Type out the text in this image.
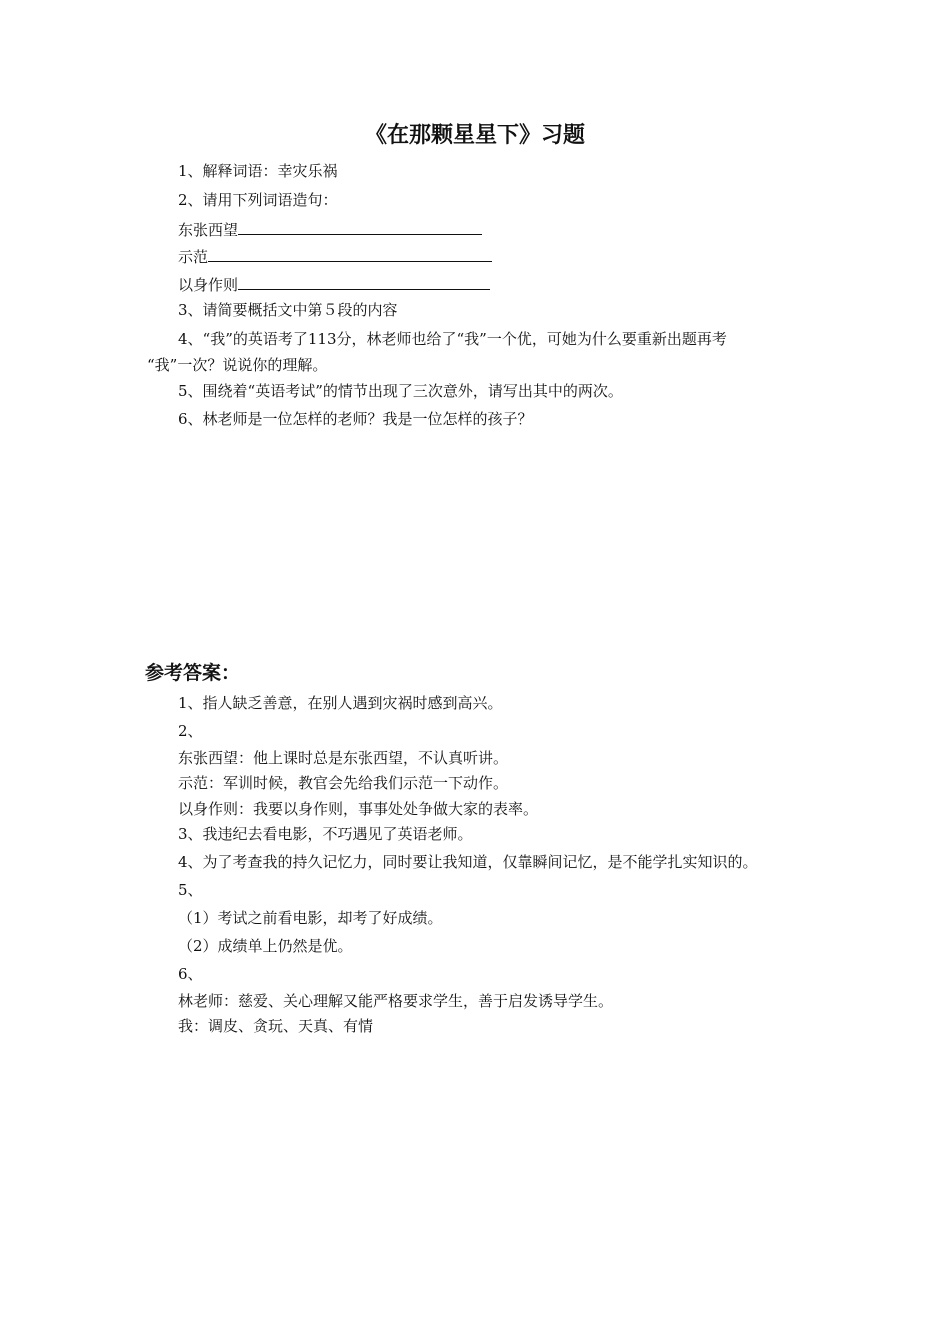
《在那颗星星下》习题
1、解释词语：幸灾乐祸
2、请用下列词语造句：
东张西望
示范
以身作则
3、请简要概括文中第５段的内容
4、“我”的英语考了113分，林老师也给了“我”一个优，可她为什么要重新出题再考
“我”一次？说说你的理解。
5、围绕着“英语考试”的情节出现了三次意外，请写出其中的两次。
6、林老师是一位怎样的老师？我是一位怎样的孩子？
参考答案：
1、指人缺乏善意，在别人遇到灾祸时感到高兴。
2、
东张西望：他上课时总是东张西望，不认真听讲。
示范：军训时候，教官会先给我们示范一下动作。
以身作则：我要以身作则，事事处处争做大家的表率。
3、我违纪去看电影，不巧遇见了英语老师。
4、为了考查我的持久记忆力，同时要让我知道，仅靠瞬间记忆，是不能学扎实知识的。
5、
（1）考试之前看电影，却考了好成绩。
（2）成绩单上仍然是优。
6、
林老师：慈爱、关心理解又能严格要求学生，善于启发诱导学生。
我：调皮、贪玩、天真、有情
